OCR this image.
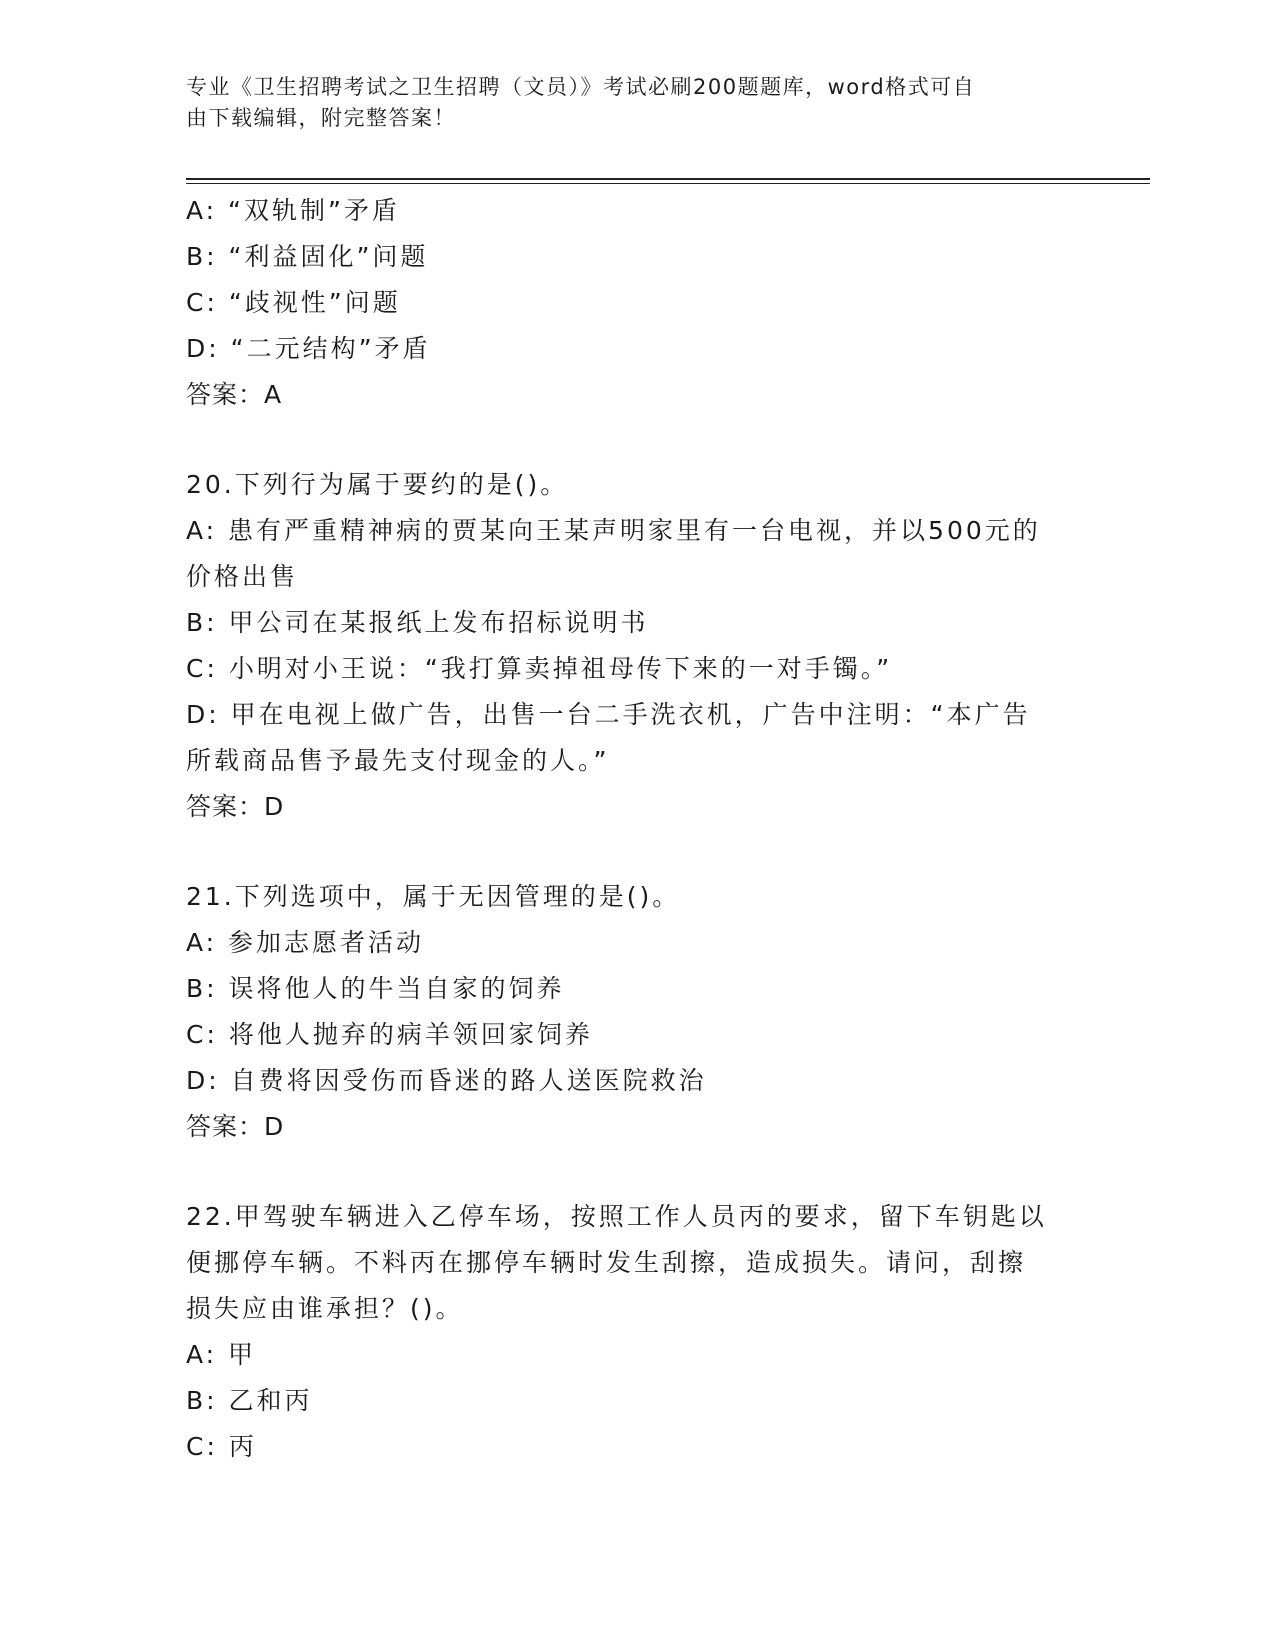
专业《卫生招聘考试之卫生招聘（文员）》考试必刷200题题库，word格式可自
由下载编辑，附完整答案！
A: “双轨制”矛盾
B: “利益固化”问题
C: “歧视性”问题
D: “二元结构”矛盾
答案：A
20.下列行为属于要约的是()。
A: 患有严重精神病的贾某向王某声明家里有一台电视，并以500元的
价格出售
B: 甲公司在某报纸上发布招标说明书
C: 小明对小王说：“我打算卖掉祖母传下来的一对手镯。”
D: 甲在电视上做广告，出售一台二手洗衣机，广告中注明：“本广告
所载商品售予最先支付现金的人。”
答案：D
21.下列选项中，属于无因管理的是()。
A: 参加志愿者活动
B: 误将他人的牛当自家的饲养
C: 将他人抛弃的病羊领回家饲养
D: 自费将因受伤而昏迷的路人送医院救治
答案：D
22.甲驾驶车辆进入乙停车场，按照工作人员丙的要求，留下车钥匙以
便挪停车辆。不料丙在挪停车辆时发生刮擦，造成损失。请问，刮擦
损失应由谁承担？()。
A: 甲
B: 乙和丙
C: 丙
